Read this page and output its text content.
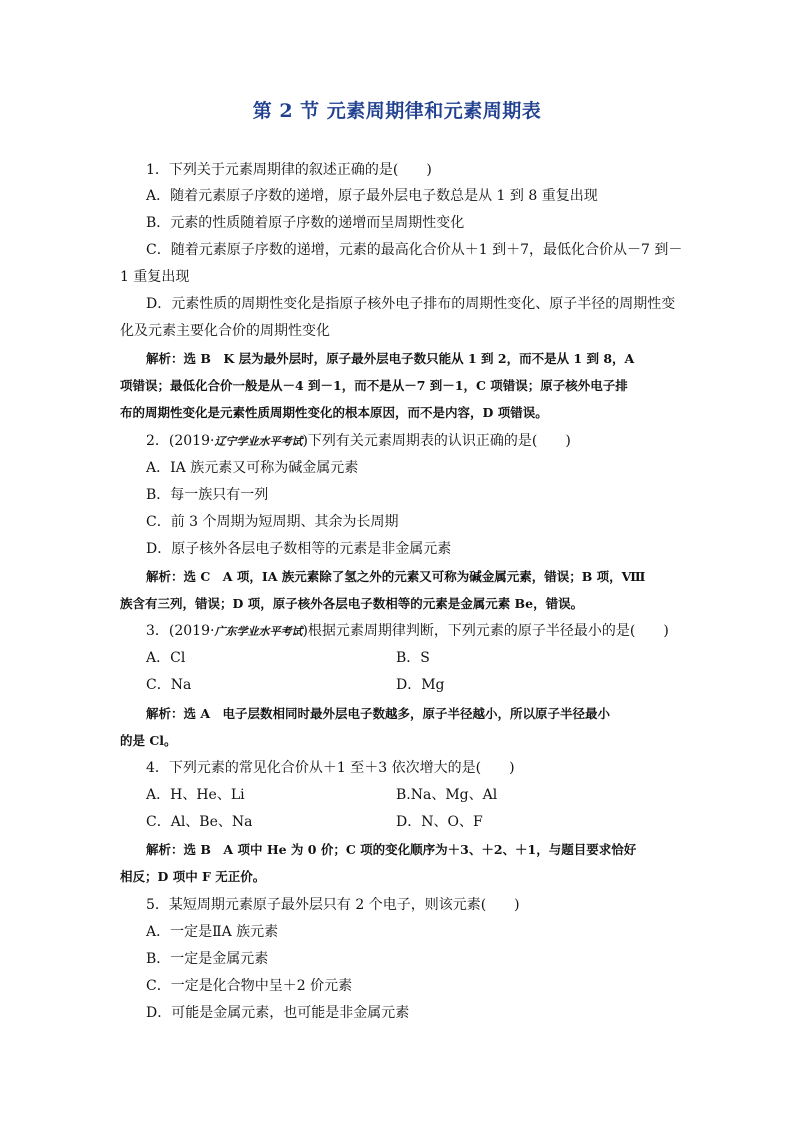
第 2 节 元素周期律和元素周期表
1．下列关于元素周期律的叙述正确的是(　　)
A．随着元素原子序数的递增，原子最外层电子数总是从 1 到 8 重复出现
B．元素的性质随着原子序数的递增而呈周期性变化
C．随着元素原子序数的递增，元素的最高化合价从＋1 到＋7，最低化合价从－7 到－
1 重复出现
D．元素性质的周期性变化是指原子核外电子排布的周期性变化、原子半径的周期性变
化及元素主要化合价的周期性变化
解析：选 B　K 层为最外层时，原子最外层电子数只能从 1 到 2，而不是从 1 到 8，A
项错误；最低化合价一般是从－4 到－1，而不是从－7 到－1，C 项错误；原子核外电子排
布的周期性变化是元素性质周期性变化的根本原因，而不是内容，D 项错误。
2．(2019·辽宁学业水平考试)下列有关元素周期表的认识正确的是(　　)
A．ⅠA 族元素又可称为碱金属元素
B．每一族只有一列
C．前 3 个周期为短周期、其余为长周期
D．原子核外各层电子数相等的元素是非金属元素
解析：选 C　A 项，ⅠA 族元素除了氢之外的元素又可称为碱金属元素，错误；B 项，Ⅷ
族含有三列，错误；D 项，原子核外各层电子数相等的元素是金属元素 Be，错误。
3．(2019·广东学业水平考试)根据元素周期律判断，下列元素的原子半径最小的是(　　)
A．Cl	B．S
C．Na	D．Mg
解析：选 A　电子层数相同时最外层电子数越多，原子半径越小，所以原子半径最小
的是 Cl。
4．下列元素的常见化合价从＋1 至＋3 依次增大的是(　　)
A．H、He、Li	B.Na、Mg、Al
C．Al、Be、Na	D．N、O、F
解析：选 B　A 项中 He 为 0 价；C 项的变化顺序为＋3、＋2、＋1，与题目要求恰好
相反；D 项中 F 无正价。
5．某短周期元素原子最外层只有 2 个电子，则该元素(　　)
A．一定是ⅡA 族元素
B．一定是金属元素
C．一定是化合物中呈＋2 价元素
D．可能是金属元素，也可能是非金属元素
